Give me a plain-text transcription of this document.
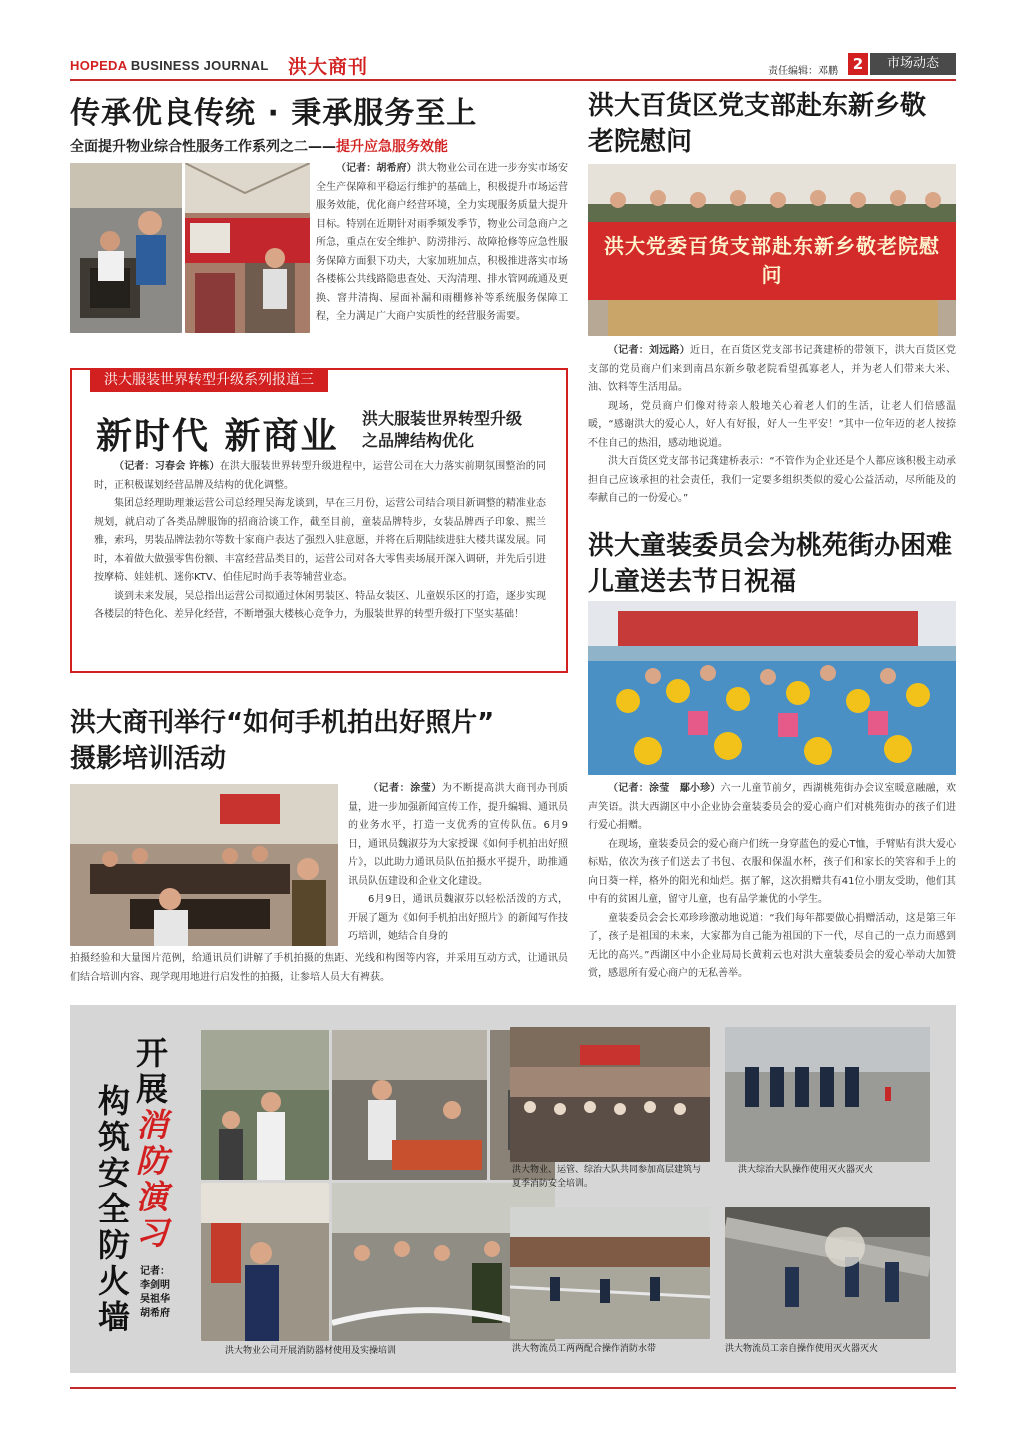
HOPEDA BUSINESS JOURNAL 洪大商刊	责任编辑：邓鹏 2	市场动态
传承优良传统 · 秉承服务至上
全面提升物业综合性服务工作系列之二——提升应急服务效能

（记者：胡希府）洪大物业公司在进一步夯实市场安全生产保障和平稳运行维护的基础上，积极提升市场运营服务效能，优化商户经营环境，全力实现服务质量大提升目标。特别在近期针对雨季频发季节，物业公司急商户之所急，重点在安全维护、防涝排污、故障抢修等应急性服务保障方面狠下功夫，大家加班加点，积极推进落实市场各楼栋公共线路隐患查处、天沟清理、排水管网疏通及更换、窨井清掏、屋面补漏和雨棚修补等系统服务保障工程，全力满足广大商户实质性的经营服务需要。

洪大服装世界转型升级系列报道三
新时代 新商业 洪大服装世界转型升级
之品牌结构优化

（记者：习春会 许栋）在洪大服装世界转型升级进程中，运营公司在大力落实前期氛围整治的同时，正积极谋划经营品牌及结构的优化调整。

集团总经理助理兼运营公司总经理吴海龙谈到，早在三月份，运营公司结合项目新调整的精准业态规划，就启动了各类品牌服饰的招商洽谈工作，截至目前，童装品牌特步，女装品牌西子印象、熙兰雅，索玛，男装品牌法勃尔等数十家商户表达了强烈入驻意愿，并将在后期陆续进驻大楼共谋发展。同时，本着做大做强零售份额、丰富经营品类目的，运营公司对各大零售卖场展开深入调研，并先后引进按摩椅、娃娃机、迷你KTV、伯佳尼时尚手表等辅营业态。

谈到未来发展，吴总指出运营公司拟通过休闲男装区、特品女装区、儿童娱乐区的打造，逐步实现各楼层的特色化、差异化经营，不断增强大楼核心竞争力，为服装世界的转型升级打下坚实基础！

洪大商刊举行“如何手机拍出好照片”
摄影培训活动

（记者：涂莹）为不断提高洪大商刊办刊质量，进一步加强新闻宣传工作，提升编辑、通讯员的业务水平，打造一支优秀的宣传队伍。6月9日，通讯员魏淑芬为大家授课《如何手机拍出好照片》，以此助力通讯员队伍拍摄水平提升，助推通讯员队伍建设和企业文化建设。

6月9日，通讯员魏淑芬以轻松活泼的方式，开展了题为《如何手机拍出好照片》的新闻写作技巧培训，她结合自身的

拍摄经验和大量图片范例，给通讯员们讲解了手机拍摄的焦距、光线和构图等内容，并采用互动方式，让通讯员们结合培训内容、现学现用地进行启发性的拍摄，让参培人员大有裨获。
洪大百货区党支部赴东新乡敬
老院慰问
洪大党委百货支部赴东新乡敬老院慰问

（记者：刘远路）近日，在百货区党支部书记龚建桥的带领下，洪大百货区党支部的党员商户们来到南昌东新乡敬老院看望孤寡老人，并为老人们带来大米、油、饮料等生活用品。

现场，党员商户们像对待亲人般地关心着老人们的生活，让老人们倍感温暖，“感谢洪大的爱心人，好人有好报，好人一生平安！”其中一位年迈的老人按捺不住自己的热泪，感动地说道。

洪大百货区党支部书记龚建桥表示：“不管作为企业还是个人都应该积极主动承担自己应该承担的社会责任，我们一定要多组织类似的爱心公益活动，尽所能及的奉献自己的一份爱心。”

洪大童装委员会为桃苑街办困难
儿童送去节日祝福

（记者：涂莹　鄢小珍）六一儿童节前夕，西湖桃苑街办会议室暖意融融，欢声笑语。洪大西湖区中小企业协会童装委员会的爱心商户们对桃苑街办的孩子们进行爱心捐赠。

在现场，童装委员会的爱心商户们统一身穿蓝色的爱心T恤，手臂贴有洪大爱心标贴，依次为孩子们送去了书包、衣服和保温水杯，孩子们和家长的笑容和手上的向日葵一样，格外的阳光和灿烂。据了解，这次捐赠共有41位小朋友受助，他们其中有的贫困儿童，留守儿童，也有品学兼优的小学生。

童装委员会会长邓珍珍激动地说道：“我们每年都要做心捐赠活动，这是第三年了，孩子是祖国的未来，大家都为自己能为祖国的下一代，尽自己的一点力而感到无比的高兴。”西湖区中小企业局局长黄莉云也对洪大童装委员会的爱心举动大加赞赏，感恩所有爱心商户的无私善举。

开
展
消
防
演
习
构
筑
安
全
防
火
墙
记者：
李剑明
吴祖华
胡希府
洪大物业、运管、综治大队共同参加高层建筑与夏季消防安全培训。
洪大综治大队操作使用灭火器灭火
洪大物流员工两两配合操作消防水带	洪大物流员工亲自操作使用灭火器灭火
洪大物业公司开展消防器材使用及实操培训
